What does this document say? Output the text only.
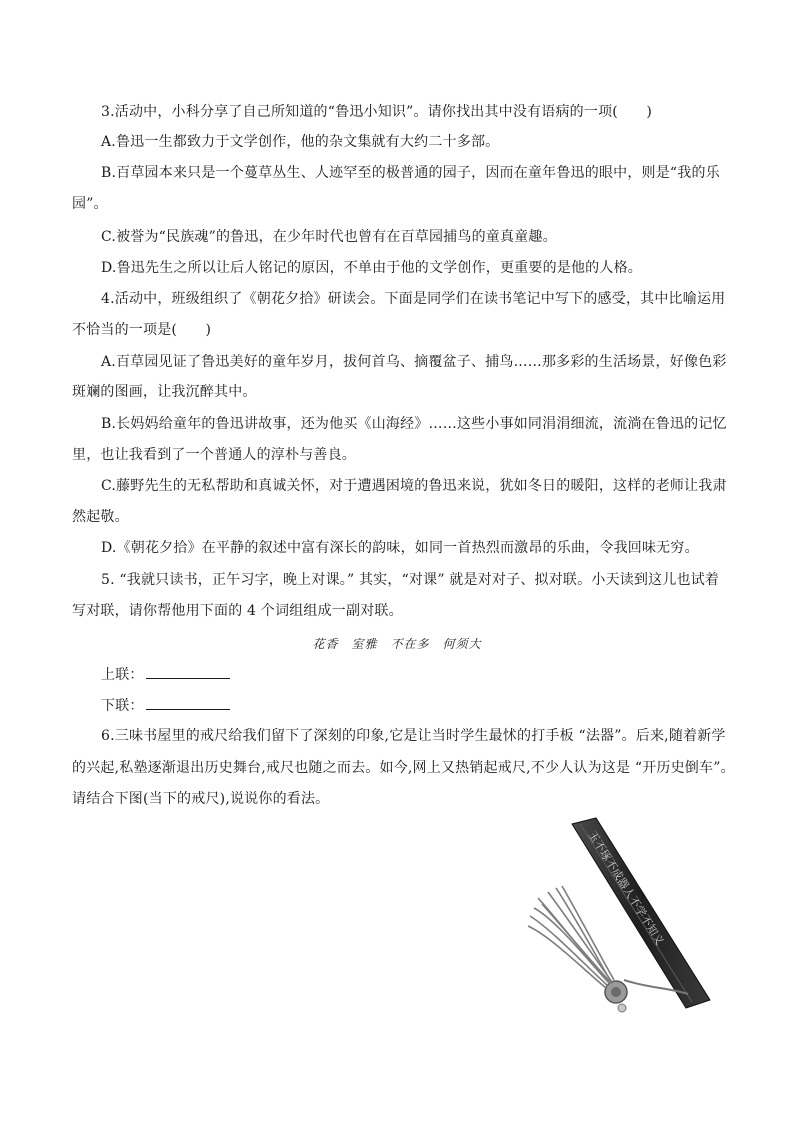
3.活动中，小科分享了自己所知道的“鲁迅小知识”。请你找出其中没有语病的一项(　　)
A.鲁迅一生都致力于文学创作，他的杂文集就有大约二十多部。
B.百草园本来只是一个蔓草丛生、人迹罕至的极普通的园子，因而在童年鲁迅的眼中，则是“我的乐
园”。
C.被誉为“民族魂”的鲁迅，在少年时代也曾有在百草园捕鸟的童真童趣。
D.鲁迅先生之所以让后人铭记的原因，不单由于他的文学创作，更重要的是他的人格。
4.活动中，班级组织了《朝花夕拾》研读会。下面是同学们在读书笔记中写下的感受，其中比喻运用
不恰当的一项是(　　)
A.百草园见证了鲁迅美好的童年岁月，拔何首乌、摘覆盆子、捕鸟……那多彩的生活场景，好像色彩
斑斓的图画，让我沉醉其中。
B.长妈妈给童年的鲁迅讲故事，还为他买《山海经》……这些小事如同涓涓细流，流淌在鲁迅的记忆
里，也让我看到了一个普通人的淳朴与善良。
C.藤野先生的无私帮助和真诚关怀，对于遭遇困境的鲁迅来说，犹如冬日的暖阳，这样的老师让我肃
然起敬。
D.《朝花夕拾》在平静的叙述中富有深长的韵味，如同一首热烈而激昂的乐曲，令我回味无穷。
5. “我就只读书，正午习字，晚上对课。” 其实，“对课” 就是对对子、拟对联。小天读到这儿也试着
写对联，请你帮他用下面的 4 个词组组成一副对联。
花香　室雅　不在多　何须大
上联：
下联：
6.三味书屋里的戒尺给我们留下了深刻的印象,它是让当时学生最怵的打手板 “法器”。后来,随着新学
的兴起,私塾逐渐退出历史舞台,戒尺也随之而去。如今,网上又热销起戒尺,不少人认为这是 “开历史倒车”。
请结合下图(当下的戒尺),说说你的看法。
玉不琢不成器人不学不知义
